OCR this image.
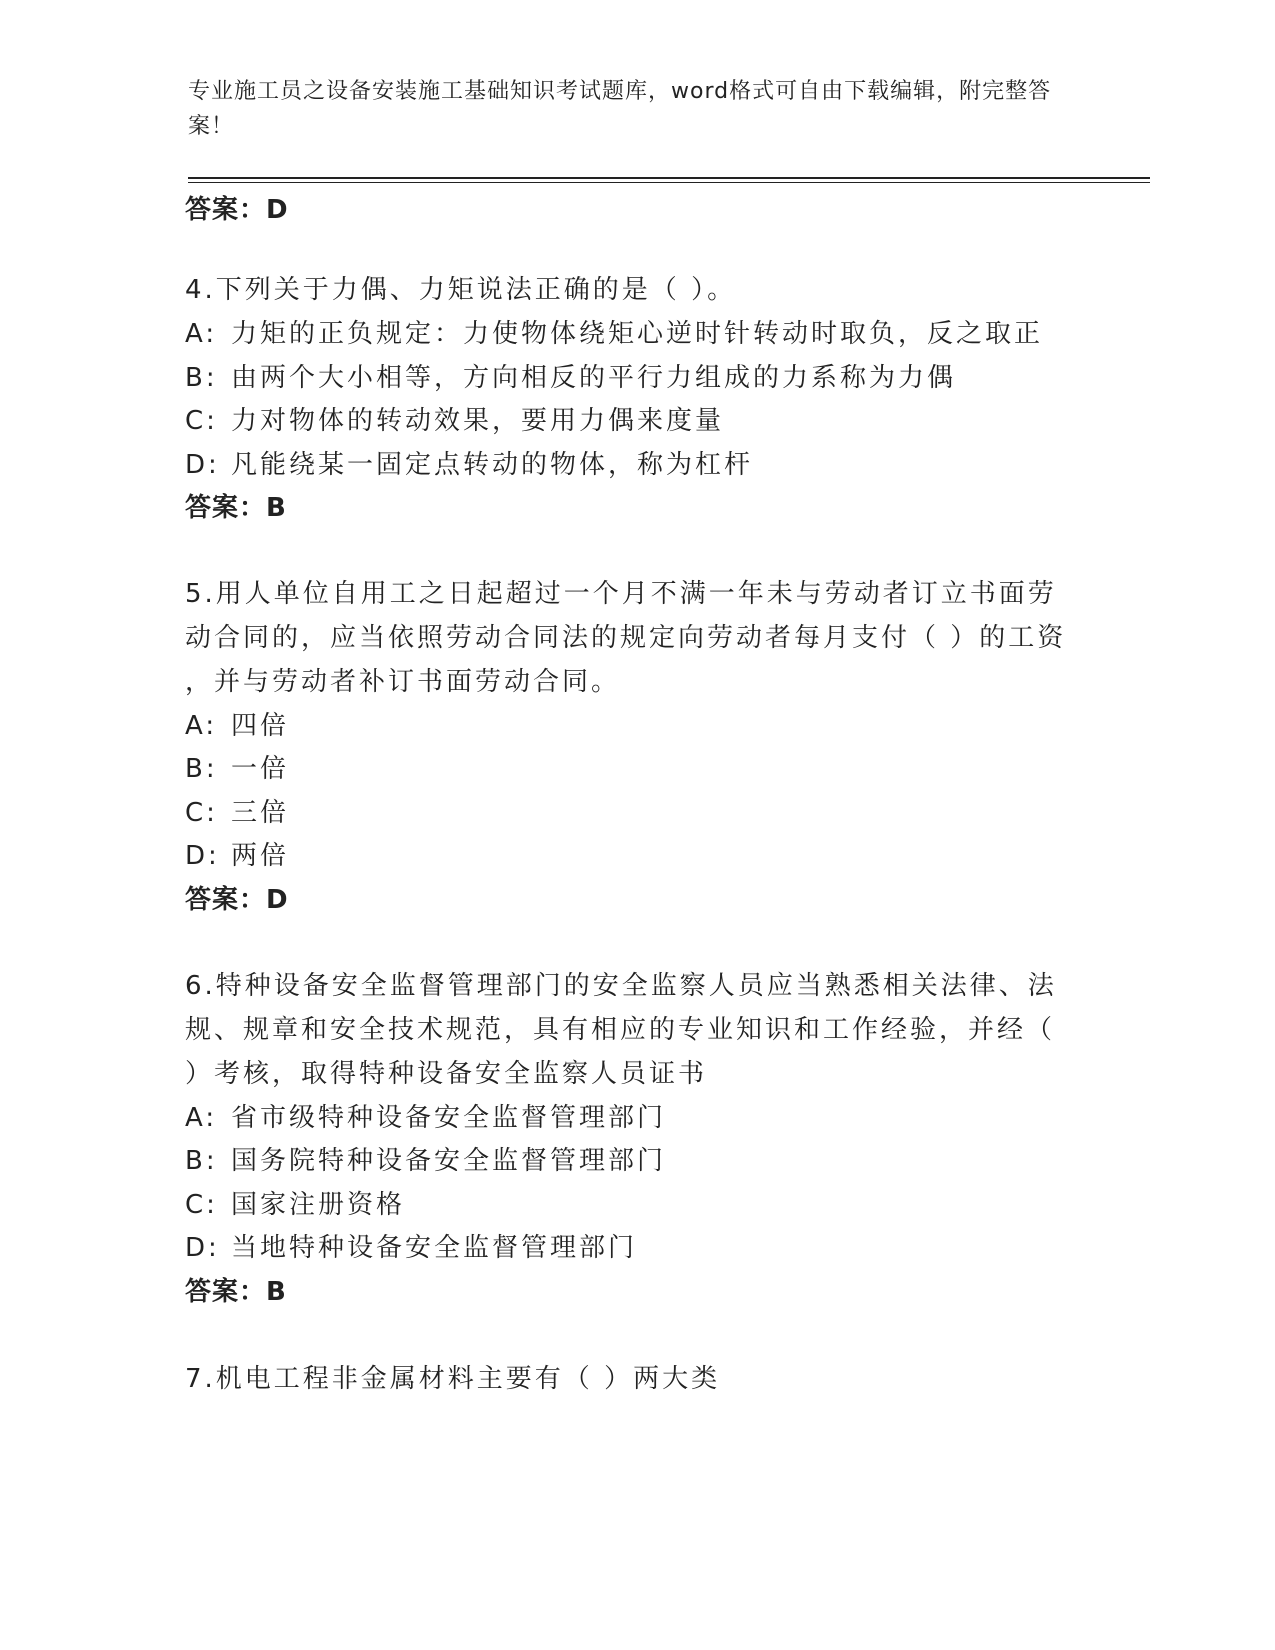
专业施工员之设备安装施工基础知识考试题库，word格式可自由下载编辑，附完整答案！
答案：D
4.下列关于力偶、力矩说法正确的是（ ）。
A: 力矩的正负规定：力使物体绕矩心逆时针转动时取负，反之取正
B: 由两个大小相等，方向相反的平行力组成的力系称为力偶
C: 力对物体的转动效果，要用力偶来度量
D: 凡能绕某一固定点转动的物体，称为杠杆
答案：B
5.用人单位自用工之日起超过一个月不满一年未与劳动者订立书面劳
动合同的，应当依照劳动合同法的规定向劳动者每月支付（ ）的工资
，并与劳动者补订书面劳动合同。
A: 四倍
B: 一倍
C: 三倍
D: 两倍
答案：D
6.特种设备安全监督管理部门的安全监察人员应当熟悉相关法律、法
规、规章和安全技术规范，具有相应的专业知识和工作经验，并经（
）考核，取得特种设备安全监察人员证书
A: 省市级特种设备安全监督管理部门
B: 国务院特种设备安全监督管理部门
C: 国家注册资格
D: 当地特种设备安全监督管理部门
答案：B
7.机电工程非金属材料主要有（ ）两大类
